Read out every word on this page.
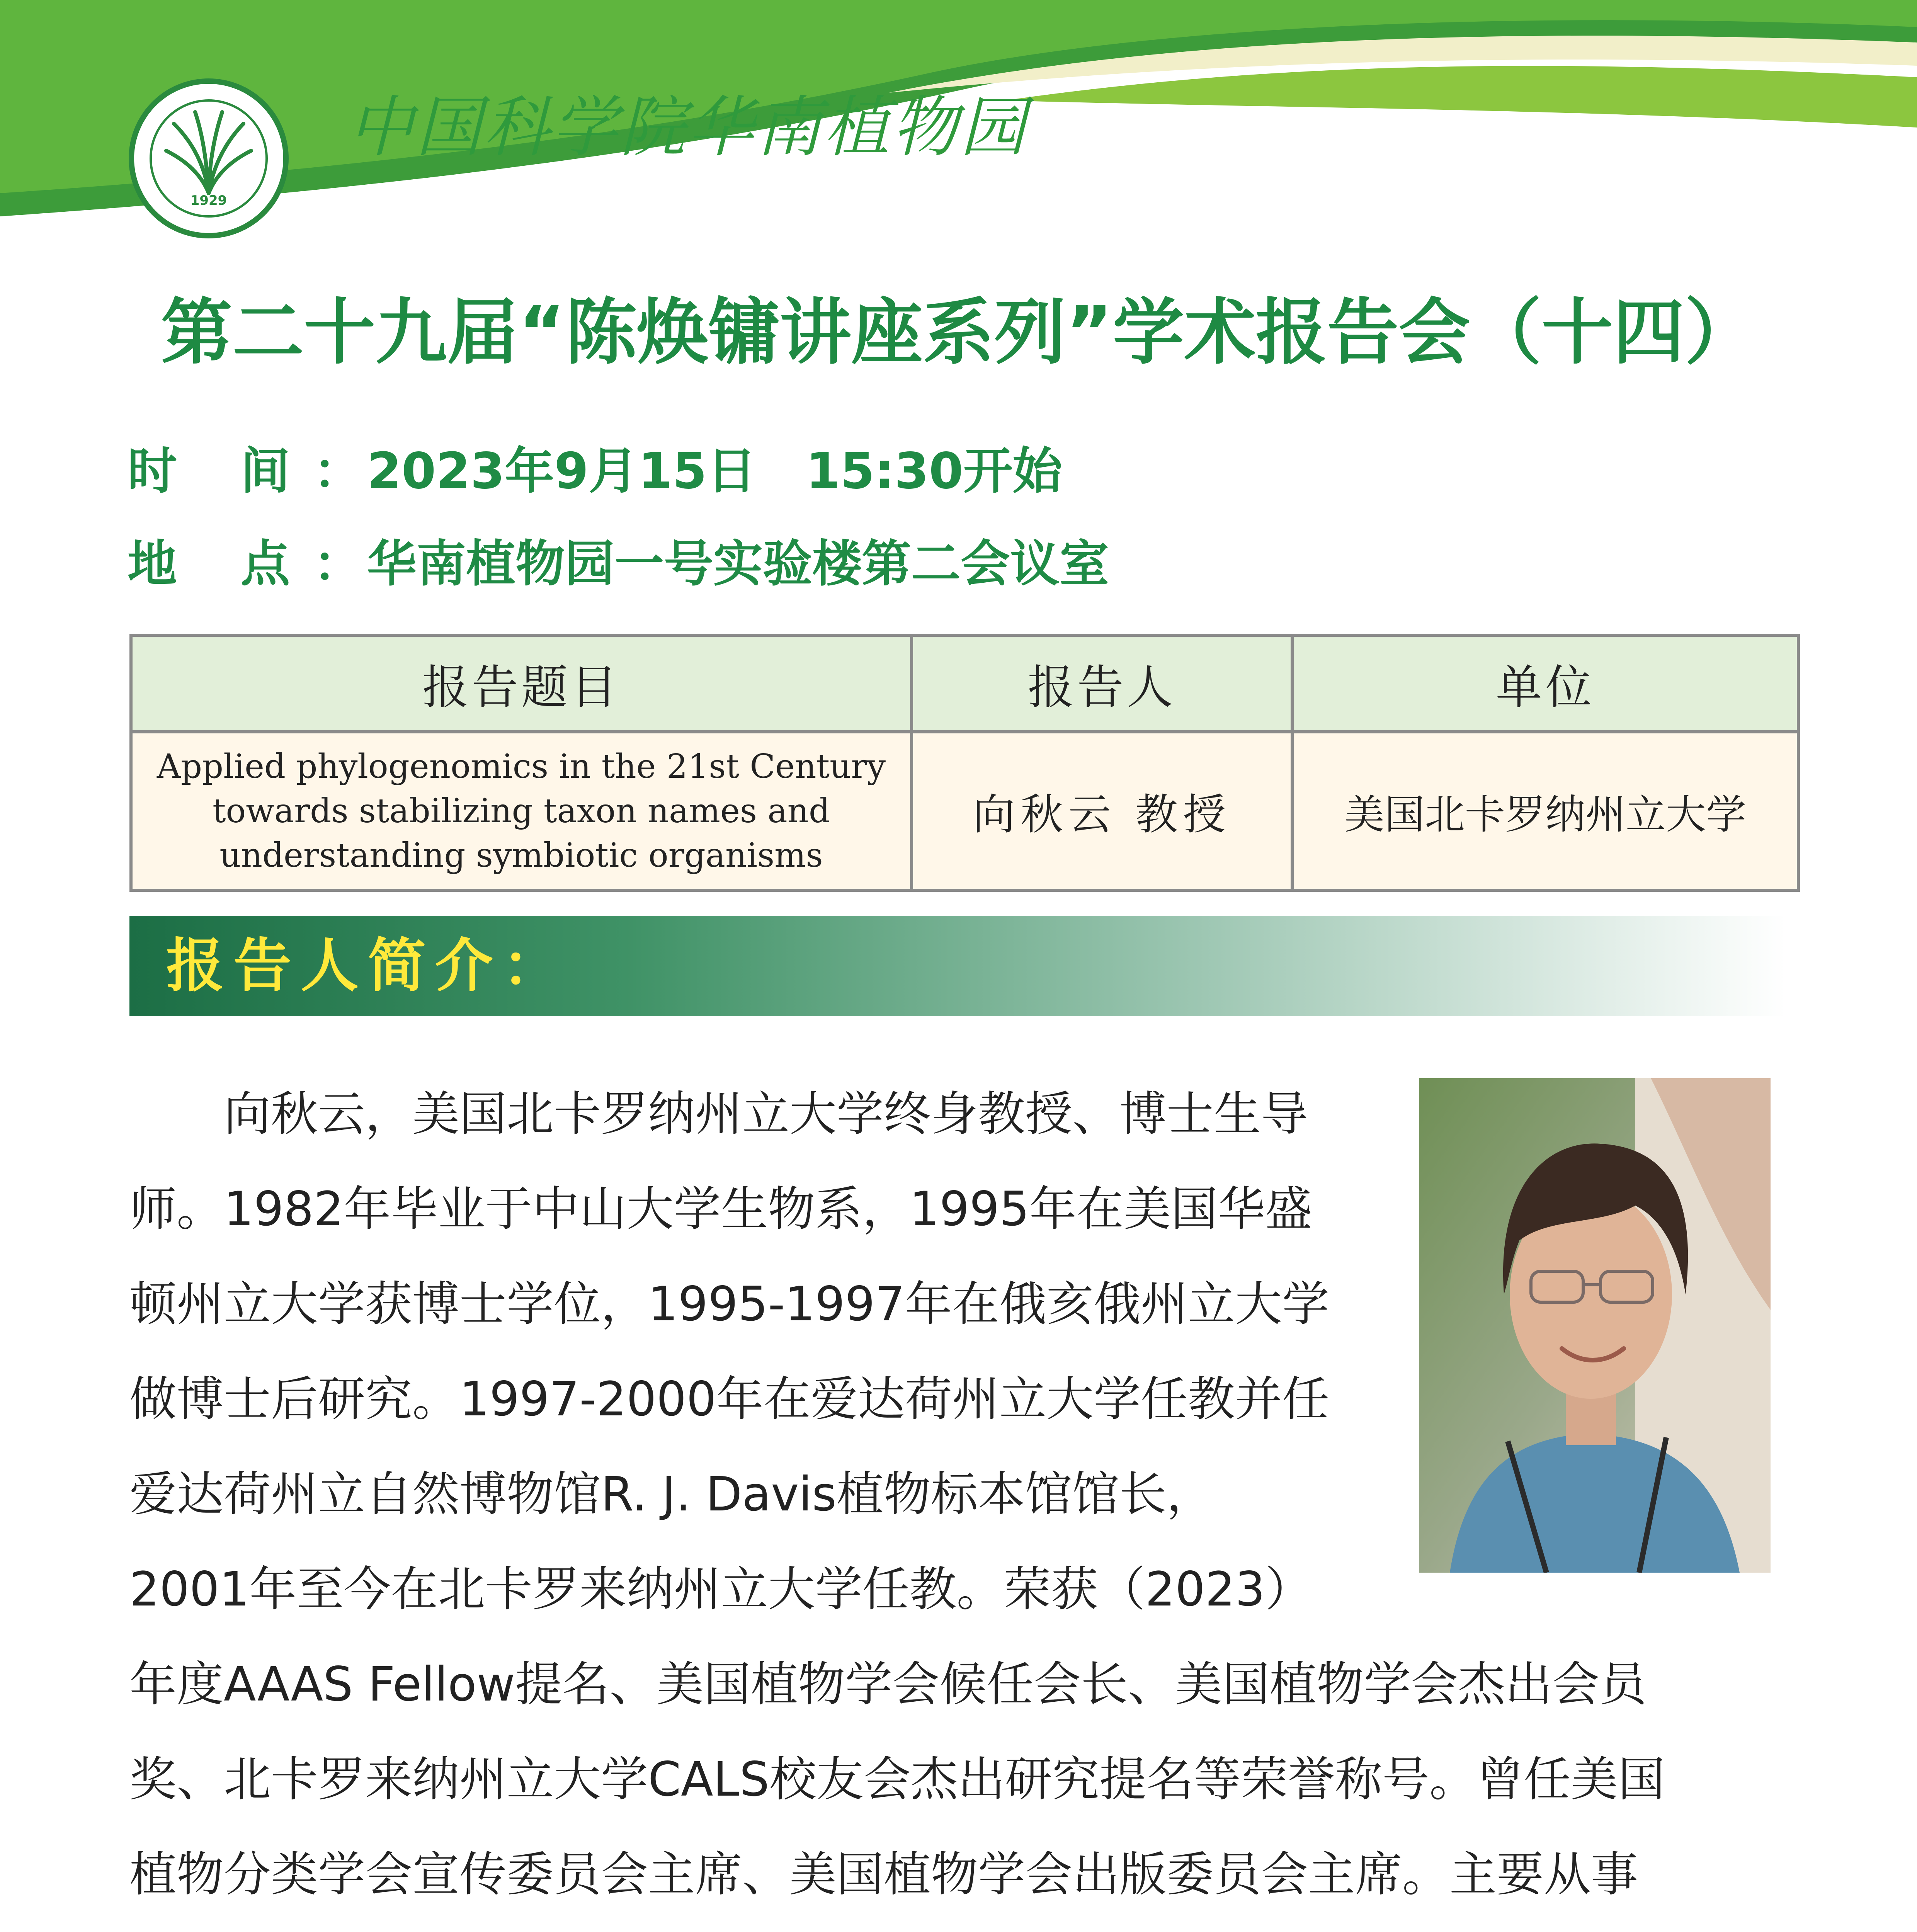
1929
中国科学院华南植物园
第二十九届“陈焕镛讲座系列”学术报告会（十四）
时 间：2023年9月15日　15:30开始
地 点：华南植物园一号实验楼第二会议室
报告题目	报告人	单位
Applied phylogenomics in the 21st Century towards stabilizing taxon names and understanding symbiotic organisms	向秋云 教授	美国北卡罗纳州立大学
报告人简介：
　　向秋云，美国北卡罗纳州立大学终身教授、博士生导
师。1982年毕业于中山大学生物系，1995年在美国华盛
顿州立大学获博士学位，1995-1997年在俄亥俄州立大学
做博士后研究。1997-2000年在爱达荷州立大学任教并任
爱达荷州立自然博物馆R. J. Davis植物标本馆馆长，
2001年至今在北卡罗来纳州立大学任教。荣获（2023）
年度AAAS Fellow提名、美国植物学会候任会长、美国植物学会杰出会员
奖、北卡罗来纳州立大学CALS校友会杰出研究提名等荣誉称号。曾任美国
植物分类学会宣传委员会主席、美国植物学会出版委员会主席。主要从事
